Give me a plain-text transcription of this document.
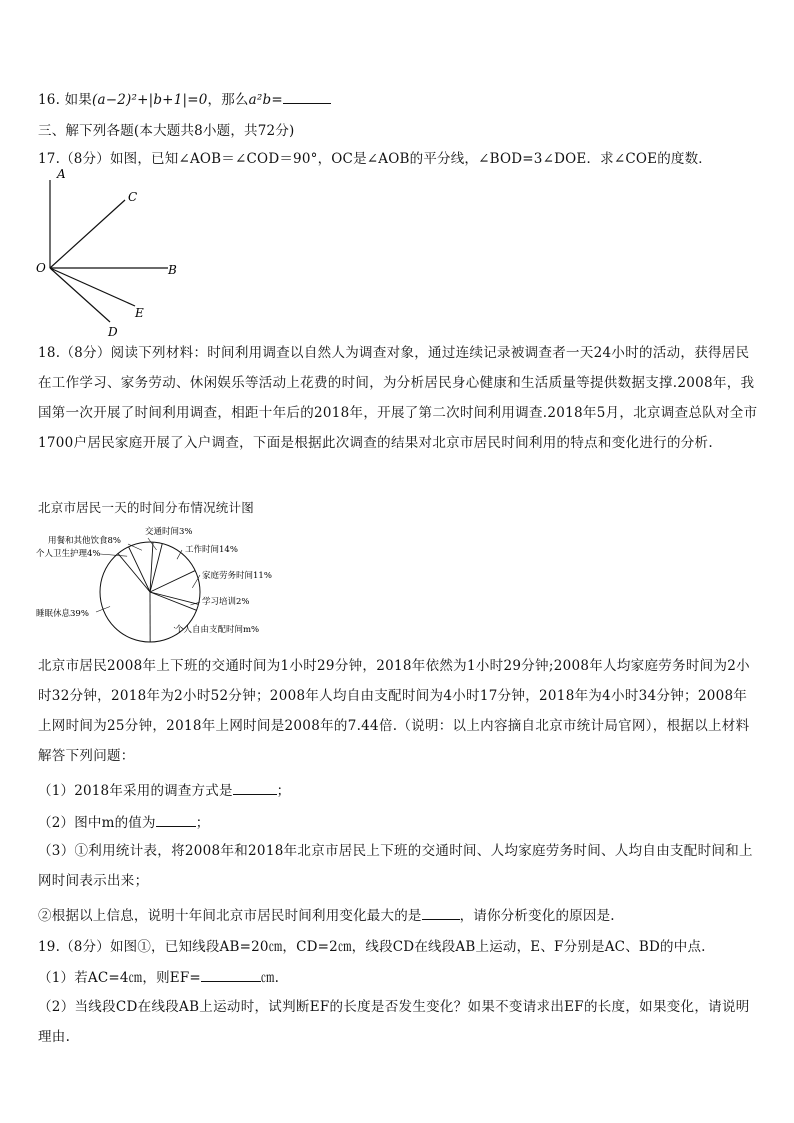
16. 如果(a−2)²+|b+1|=0，那么a²b=
三、解下列各题(本大题共8小题，共72分)
17.（8分）如图，已知∠AOB＝∠COD＝90°，OC是∠AOB的平分线，∠BOD=3∠DOE．求∠COE的度数．
A
C
O	B
E
D
18.（8分）阅读下列材料：时间利用调查以自然人为调查对象，通过连续记录被调查者一天24小时的活动，获得居民在工作学习、家务劳动、休闲娱乐等活动上花费的时间，为分析居民身心健康和生活质量等提供数据支撑.2008年，我国第一次开展了时间利用调查，相距十年后的2018年，开展了第二次时间利用调查.2018年5月，北京调查总队对全市1700户居民家庭开展了入户调查，下面是根据此次调查的结果对北京市居民时间利用的特点和变化进行的分析.
北京市居民一天的时间分布情况统计图
交通时间3%
工作时间14%
家庭劳务时间11%
学习培训2%
个人自由支配时间m%
睡眠休息39%
个人卫生护理4%
用餐和其他饮食8%
北京市居民2008年上下班的交通时间为1小时29分钟，2018年依然为1小时29分钟;2008年人均家庭劳务时间为2小时32分钟，2018年为2小时52分钟；2008年人均自由支配时间为4小时17分钟，2018年为4小时34分钟；2008年上网时间为25分钟，2018年上网时间是2008年的7.44倍.（说明：以上内容摘自北京市统计局官网），根据以上材料解答下列问题：
（1）2018年采用的调查方式是	；
（2）图中m的值为	；
（3）①利用统计表，将2008年和2018年北京市居民上下班的交通时间、人均家庭劳务时间、人均自由支配时间和上网时间表示出来；
②根据以上信息，说明十年间北京市居民时间利用变化最大的是	，请你分析变化的原因是.
19.（8分）如图①，已知线段AB=20㎝，CD=2㎝，线段CD在线段AB上运动，E、F分别是AC、BD的中点.
（1）若AC=4㎝，则EF=	㎝.
（2）当线段CD在线段AB上运动时，试判断EF的长度是否发生变化？如果不变请求出EF的长度，如果变化，请说明理由.
